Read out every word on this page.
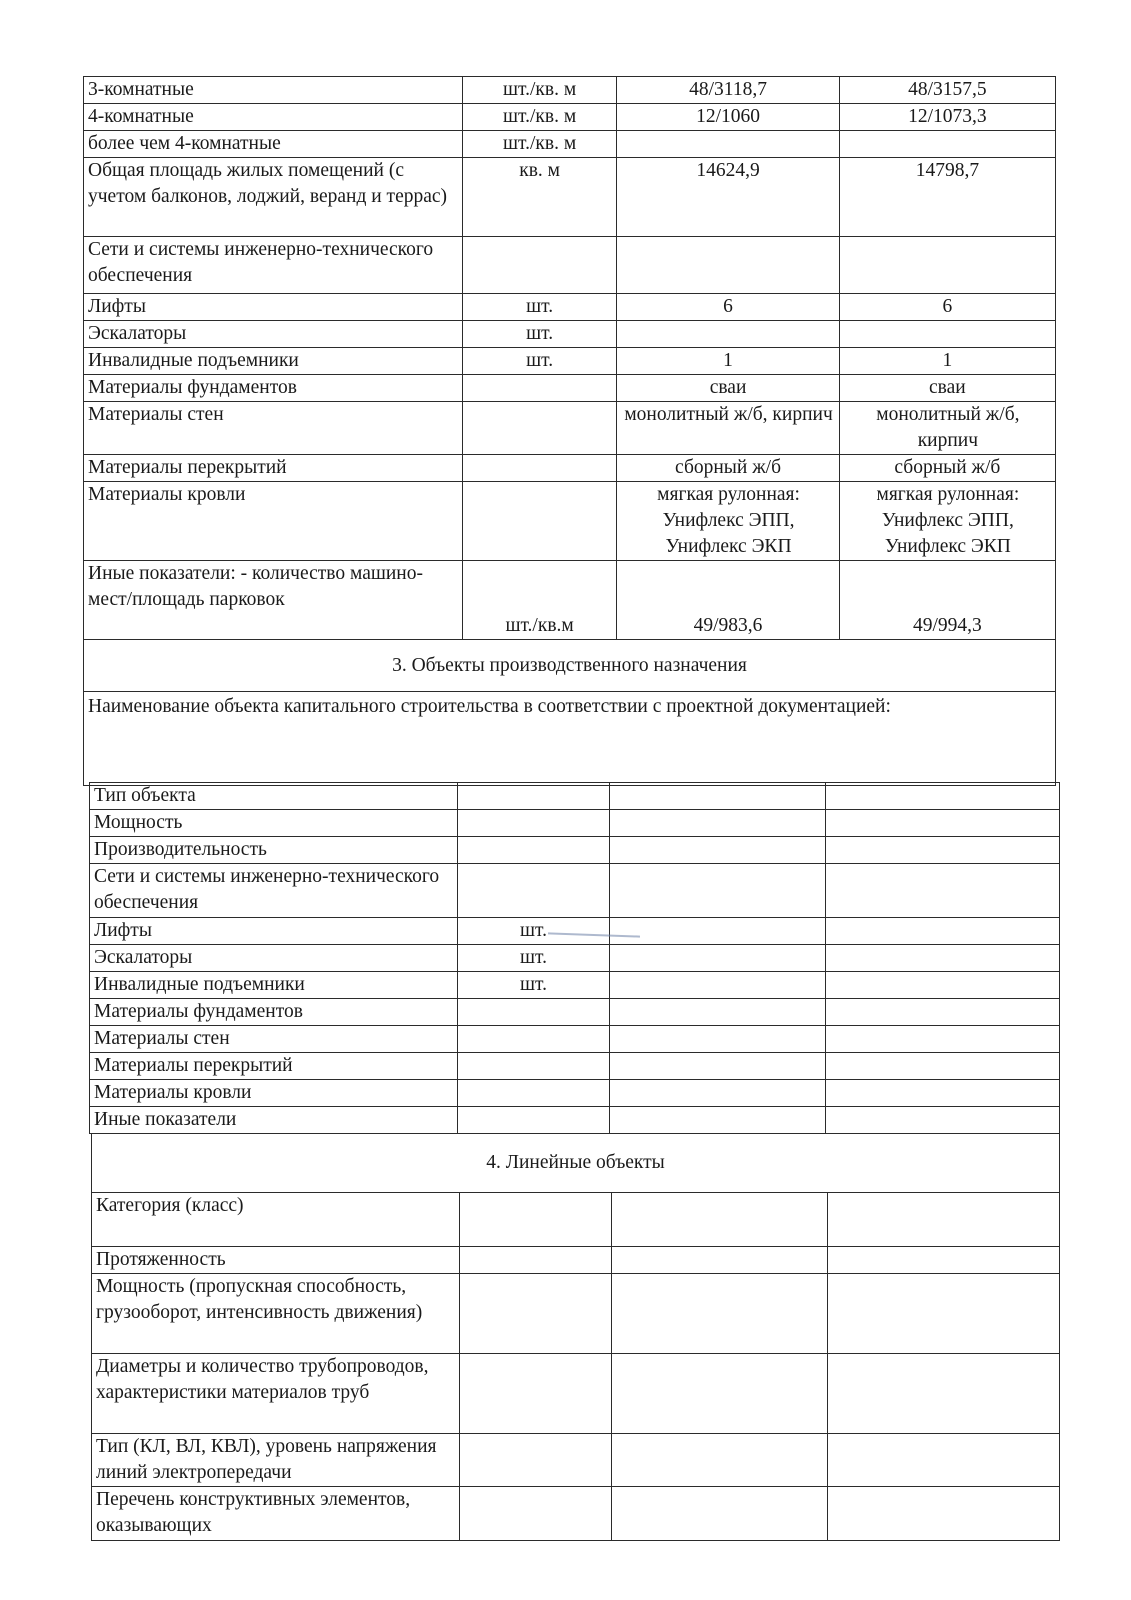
3-комнатные	шт./кв. м	48/3118,7	48/3157,5
4-комнатные	шт./кв. м	12/1060	12/1073,3
более чем 4-комнатные	шт./кв. м		
Общая площадь жилых помещений (с учетом балконов, лоджий, веранд и террас)	кв. м	14624,9	14798,7
Сети и системы инженерно-технического обеспечения			
Лифты	шт.	6	6
Эскалаторы	шт.		
Инвалидные подъемники	шт.	1	1
Материалы фундаментов		сваи	сваи
Материалы стен		монолитный ж/б, кирпич	монолитный ж/б, кирпич
Материалы перекрытий		сборный ж/б	сборный ж/б
Материалы кровли		мягкая рулонная: Унифлекс ЭПП, Унифлекс ЭКП	мягкая рулонная: Унифлекс ЭПП, Унифлекс ЭКП
Иные показатели: - количество машино-мест/площадь парковок	шт./кв.м	49/983,6	49/994,3
3. Объекты производственного назначения			
Наименование объекта капитального строительства в соответствии с проектной документацией:			
Тип объекта			
Мощность			
Производительность			
Сети и системы инженерно-технического обеспечения			
Лифты	шт.		
Эскалаторы	шт.		
Инвалидные подъемники	шт.		
Материалы фундаментов			
Материалы стен			
Материалы перекрытий			
Материалы кровли			
Иные показатели			
4. Линейные объекты			
Категория (класс)			
Протяженность			
Мощность (пропускная способность, грузооборот, интенсивность движения)			
Диаметры и количество трубопроводов, характеристики материалов труб			
Тип (КЛ, ВЛ, КВЛ), уровень напряжения линий электропередачи			
Перечень конструктивных элементов, оказывающих			
